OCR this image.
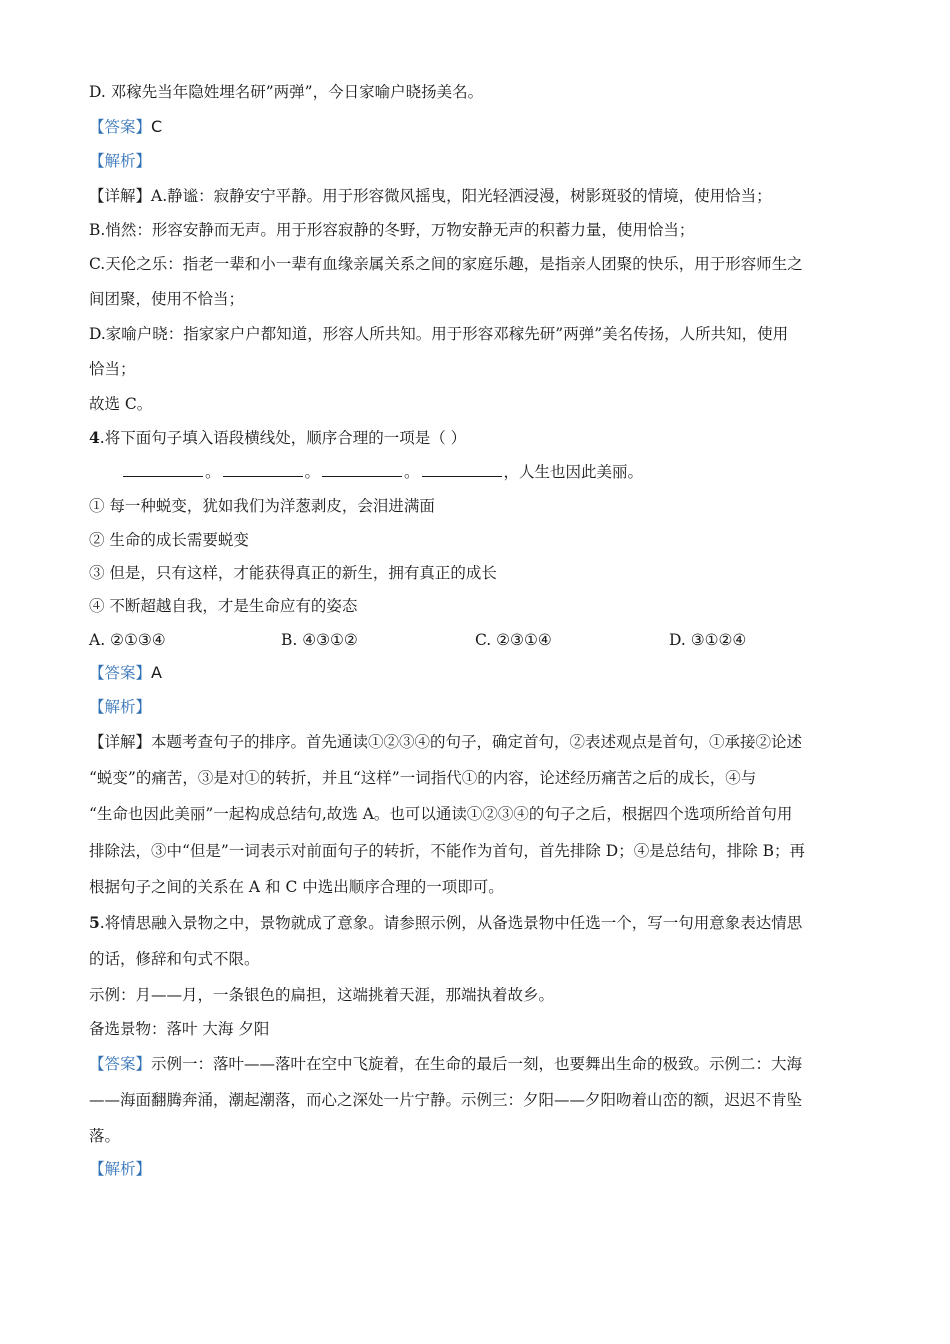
D. 邓稼先当年隐姓埋名研”两弹”，今日家喻户晓扬美名。
【答案】C
【解析】
【详解】A.静谧：寂静安宁平静。用于形容微风摇曳，阳光轻洒浸漫，树影斑驳的情境，使用恰当；
B.悄然：形容安静而无声。用于形容寂静的冬野，万物安静无声的积蓄力量，使用恰当；
C.天伦之乐：指老一辈和小一辈有血缘亲属关系之间的家庭乐趣，是指亲人团聚的快乐，用于形容师生之
间团聚，使用不恰当；
D.家喻户晓：指家家户户都知道，形容人所共知。用于形容邓稼先研”两弹”美名传扬，人所共知，使用
恰当；
故选 C。
4.将下面句子填入语段横线处，顺序合理的一项是（ ）
。	。	。	，人生也因此美丽。
① 每一种蜕变，犹如我们为洋葱剥皮，会泪进满面
② 生命的成长需要蜕变
③ 但是，只有这样，才能获得真正的新生，拥有真正的成长
④ 不断超越自我，才是生命应有的姿态
A. ②①③④	B. ④③①②	C. ②③①④	D. ③①②④
【答案】A
【解析】
【详解】本题考查句子的排序。首先通读①②③④的句子，确定首句，②表述观点是首句，①承接②论述
“蜕变”的痛苦，③是对①的转折，并且“这样”一词指代①的内容，论述经历痛苦之后的成长，④与
“生命也因此美丽”一起构成总结句,故选 A。也可以通读①②③④的句子之后，根据四个选项所给首句用
排除法，③中“但是”一词表示对前面句子的转折，不能作为首句，首先排除 D；④是总结句，排除 B；再
根据句子之间的关系在 A 和 C 中选出顺序合理的一项即可。
5.将情思融入景物之中，景物就成了意象。请参照示例，从备选景物中任选一个，写一句用意象表达情思
的话，修辞和句式不限。
示例：月——月，一条银色的扁担，这端挑着天涯，那端执着故乡。
备选景物：落叶 大海 夕阳
【答案】示例一：落叶——落叶在空中飞旋着，在生命的最后一刻，也要舞出生命的极致。示例二：大海
——海面翻腾奔涌，潮起潮落，而心之深处一片宁静。示例三：夕阳——夕阳吻着山峦的额，迟迟不肯坠
落。
【解析】
